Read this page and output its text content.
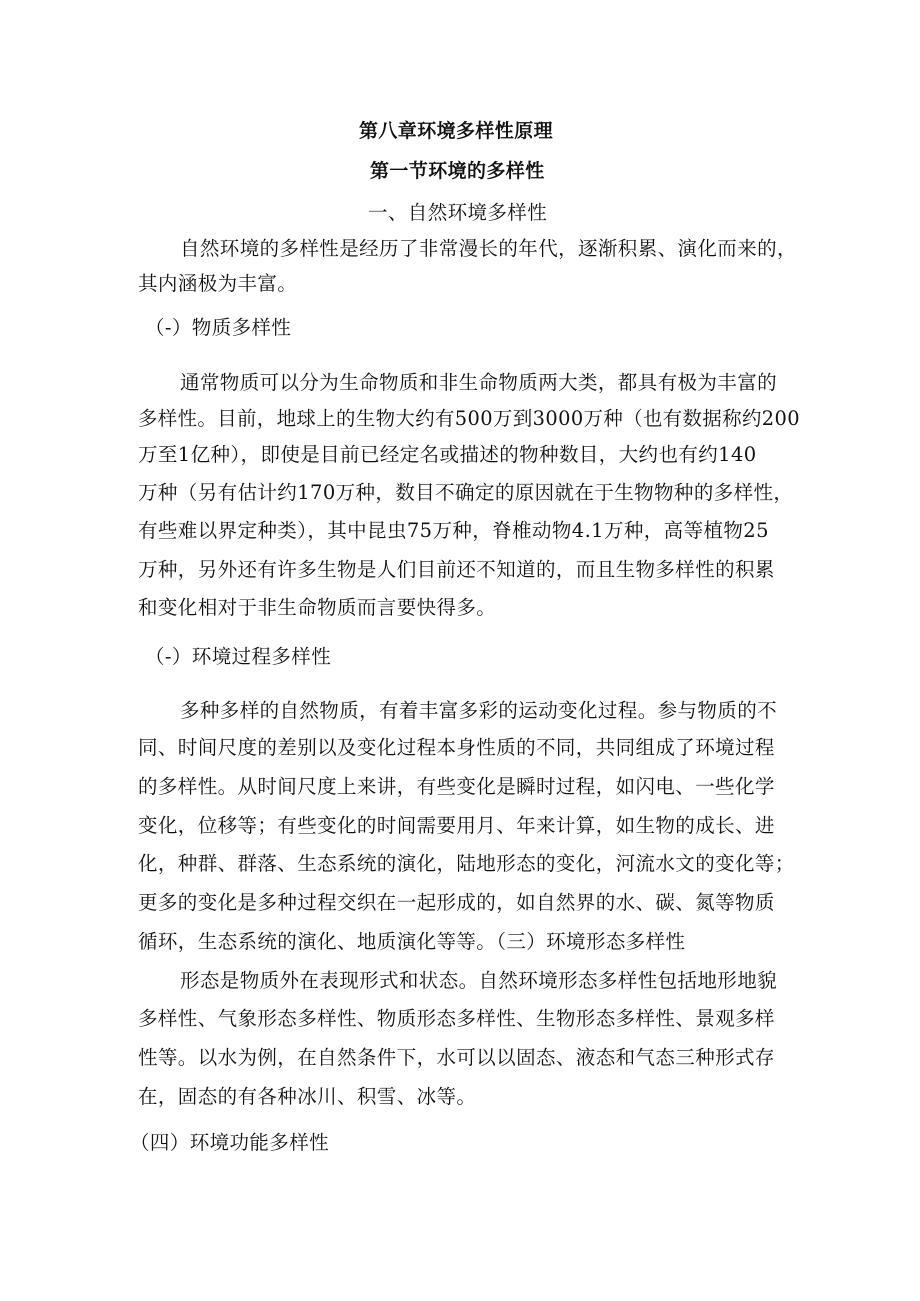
第八章环境多样性原理
第一节环境的多样性
一、自然环境多样性
自然环境的多样性是经历了非常漫长的年代，逐渐积累、演化而来的，
其内涵极为丰富。
（-）物质多样性
通常物质可以分为生命物质和非生命物质两大类，都具有极为丰富的
多样性。目前，地球上的生物大约有500万到3000万种（也有数据称约200
万至1亿种），即使是目前已经定名或描述的物种数目，大约也有约140
万种（另有估计约170万种，数目不确定的原因就在于生物物种的多样性，
有些难以界定种类），其中昆虫75万种，脊椎动物4.1万种，高等植物25
万种，另外还有许多生物是人们目前还不知道的，而且生物多样性的积累
和变化相对于非生命物质而言要快得多。
（-）环境过程多样性
多种多样的自然物质，有着丰富多彩的运动变化过程。参与物质的不
同、时间尺度的差别以及变化过程本身性质的不同，共同组成了环境过程
的多样性。从时间尺度上来讲，有些变化是瞬时过程，如闪电、一些化学
变化，位移等；有些变化的时间需要用月、年来计算，如生物的成长、进
化，种群、群落、生态系统的演化，陆地形态的变化，河流水文的变化等；
更多的变化是多种过程交织在一起形成的，如自然界的水、碳、氮等物质
循环，生态系统的演化、地质演化等等。（三）环境形态多样性
形态是物质外在表现形式和状态。自然环境形态多样性包括地形地貌
多样性、气象形态多样性、物质形态多样性、生物形态多样性、景观多样
性等。以水为例，在自然条件下，水可以以固态、液态和气态三种形式存
在，固态的有各种冰川、积雪、冰等。
（四）环境功能多样性
